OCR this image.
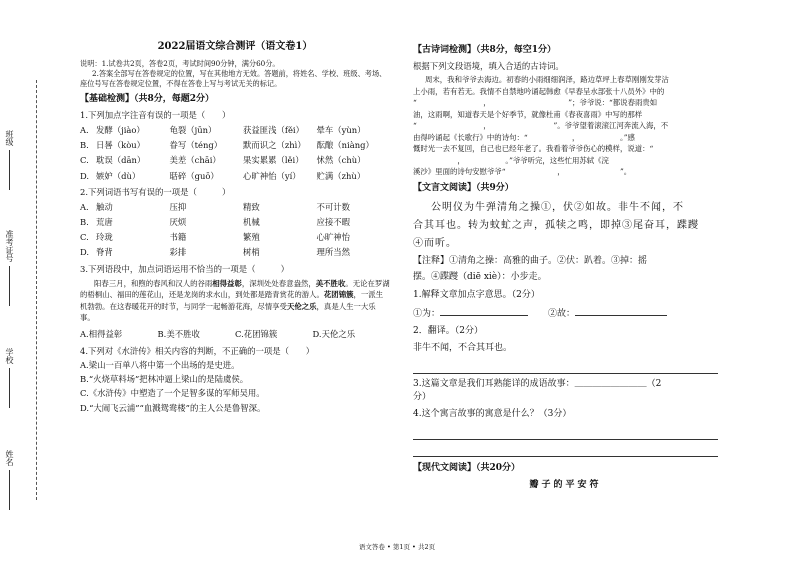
班级
准考证号
学校
姓名
2022届语文综合测评（语文卷1）
说明：1.试卷共2页，答卷2页，考试时间90分钟，满分60分。
2.答案全部写在答卷规定的位置，写在其他地方无效。答题前，将姓名、学校、班级、考场、座位号写在答卷规定位置，不得在答卷上写与考试无关的标记。
【基础检测】（共8分，每题2分）
1.下列加点字注音有误的一项是（　　）
A. 发酵（jiào）	龟裂（jūn）	获益匪浅（fěi）	晕车（yùn）
B. 日晷（kòu）	眷写（téng）	默而识之（zhì）	酝酿（niàng）
C. 耽误（dān）	美差（chāi）	果实累累（lěi）	怵然（chù）
D. 嫉妒（dù）	聒碎（guō）	心旷神怡（yí）	贮满（zhù）
2.下列词语书写有误的一项是（　　　）
A. 触动	压抑	精致	不可计数
B. 荒唐	厌烦	机械	应接不暇
C. 玲珑	书籍	繁殖	心旷神怡
D. 脊背	彩排	树梢	理所当然
3.下列语段中，加点词语运用不恰当的一项是（　　　）
阳春三月，和煦的春风和汉人的谷雨相得益彰，深圳处处春意盎然，美不胜收。无论在罗湖的梧桐山、福田的莲花山，还是龙岗的求水山，到处都是踏青赏花的游人。花团锦簇，一派生机勃勃。在这春暖花开的时节，与同学一起畅游花海，尽情享受天伦之乐，真是人生一大乐事。
A.相得益彰	B.美不胜收	C.花团锦簇	D.天伦之乐
4.下列对《水浒传》相关内容的判断，不正确的一项是（　　）
A.梁山一百单八将中第一个出场的是史进。
B.“火烧草料场”把林冲逼上梁山的是陆虞侯。
C.《水浒传》中塑造了一个足智多谋的军师吴用。
D.“大闹飞云浦”“血溅鸳鸯楼”的主人公是鲁智深。
【古诗词检测】（共8分，每空1分）
根据下列文段语境，填入合适的古诗词。
周末，我和爷爷去海边。初春的小雨细细润泽，路边草坪上春草刚刚发芽沾
上小雨，若有若无。我情不自禁地吟诵起韩愈《早春呈水部张十八员外》中的
“　　　　　　　　　，　　　　　　　　　　　”；爷爷说：“都说春雨贵如
油，这雨啊，知道春天是个好季节，就像杜甫《春夜喜雨》中写的那样
“　　　　　　　　　，　　　　　　　　　”。爷爷望着滚滚江河奔流入海，不
由得吟诵起《长歌行》中的诗句：“　　　　　　，　　　　　　。”感
慨时光一去不复回，自己也已经年老了。我看着爷爷伤心的模样，说道：“
　　　　　　，　　　　　　。”爷爷听完，这些忙用苏轼《浣
溪沙》里面的诗句安慰爷爷“　　　　　　　，　　　　　　　　”。
【文言文阅读】（共9分）
公明仪为牛弹清角之操①，伏②如故。非牛不闻，不
合其耳也。转为蚊虻之声，孤犊之鸣，即掉③尾奋耳，蹀躞
④而听。
【注释】①清角之操：高雅的曲子。②伏：趴着。③掉：摇
摆。④蹀躞（diē xiè）：小步走。
1.解释文章加点字意思。（2分）
①为：	②故：
2．翻译。（2分）
非牛不闻，不合其耳也。
3.这篇文章是我们耳熟能详的成语故事：＿＿＿＿＿＿＿＿（2
分）
4.这个寓言故事的寓意是什么？（3分）
【现代文阅读】（共20分）
瓣子的平安符
语文答卷 • 第1页 • 共2页
